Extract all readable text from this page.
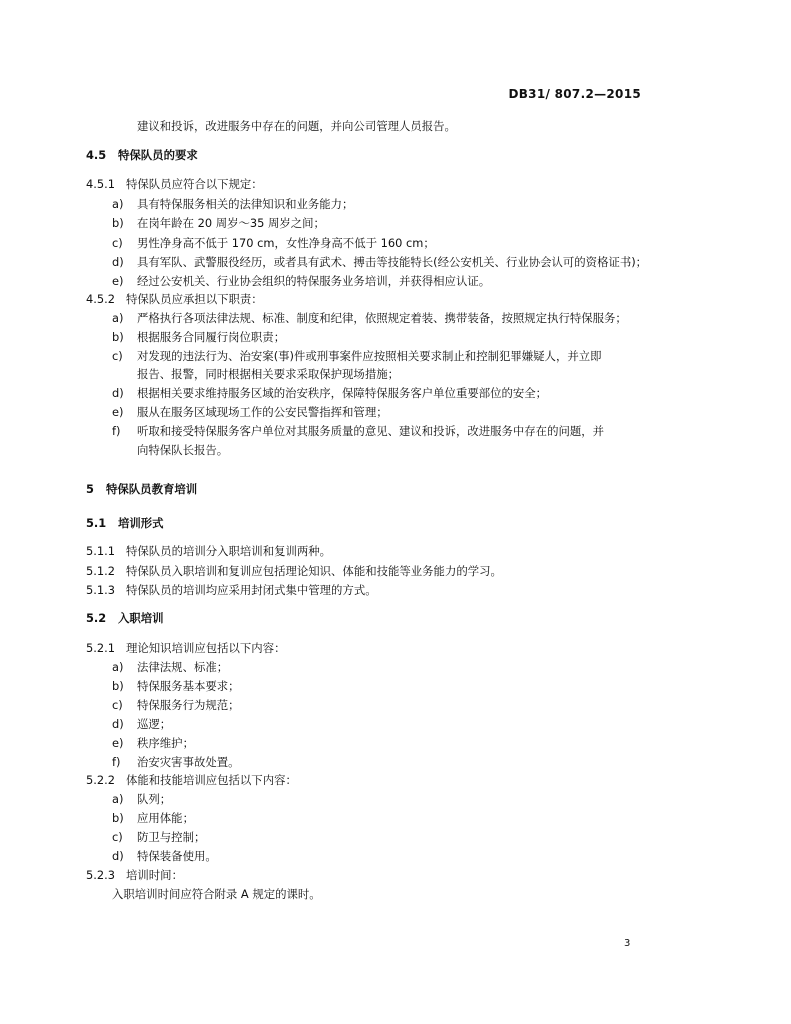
DB31/ 807.2—2015
建议和投诉，改进服务中存在的问题，并向公司管理人员报告。
4.5 特保队员的要求
4.5.1 特保队员应符合以下规定：
a) 具有特保服务相关的法律知识和业务能力；
b) 在岗年龄在 20 周岁～35 周岁之间；
c) 男性净身高不低于 170 cm，女性净身高不低于 160 cm；
d) 具有军队、武警服役经历，或者具有武术、搏击等技能特长(经公安机关、行业协会认可的资格证书)；
e) 经过公安机关、行业协会组织的特保服务业务培训，并获得相应认证。
4.5.2 特保队员应承担以下职责：
a) 严格执行各项法律法规、标准、制度和纪律，依照规定着装、携带装备，按照规定执行特保服务；
b) 根据服务合同履行岗位职责；
c) 对发现的违法行为、治安案(事)件或刑事案件应按照相关要求制止和控制犯罪嫌疑人，并立即
报告、报警，同时根据相关要求采取保护现场措施；
d) 根据相关要求维持服务区域的治安秩序，保障特保服务客户单位重要部位的安全；
e) 服从在服务区域现场工作的公安民警指挥和管理；
f) 听取和接受特保服务客户单位对其服务质量的意见、建议和投诉，改进服务中存在的问题，并
向特保队长报告。
5 特保队员教育培训
5.1 培训形式
5.1.1 特保队员的培训分入职培训和复训两种。
5.1.2 特保队员入职培训和复训应包括理论知识、体能和技能等业务能力的学习。
5.1.3 特保队员的培训均应采用封闭式集中管理的方式。
5.2 入职培训
5.2.1 理论知识培训应包括以下内容：
a) 法律法规、标准；
b) 特保服务基本要求；
c) 特保服务行为规范；
d) 巡逻；
e) 秩序维护；
f) 治安灾害事故处置。
5.2.2 体能和技能培训应包括以下内容：
a) 队列；
b) 应用体能；
c) 防卫与控制；
d) 特保装备使用。
5.2.3 培训时间：
入职培训时间应符合附录 A 规定的课时。
3
